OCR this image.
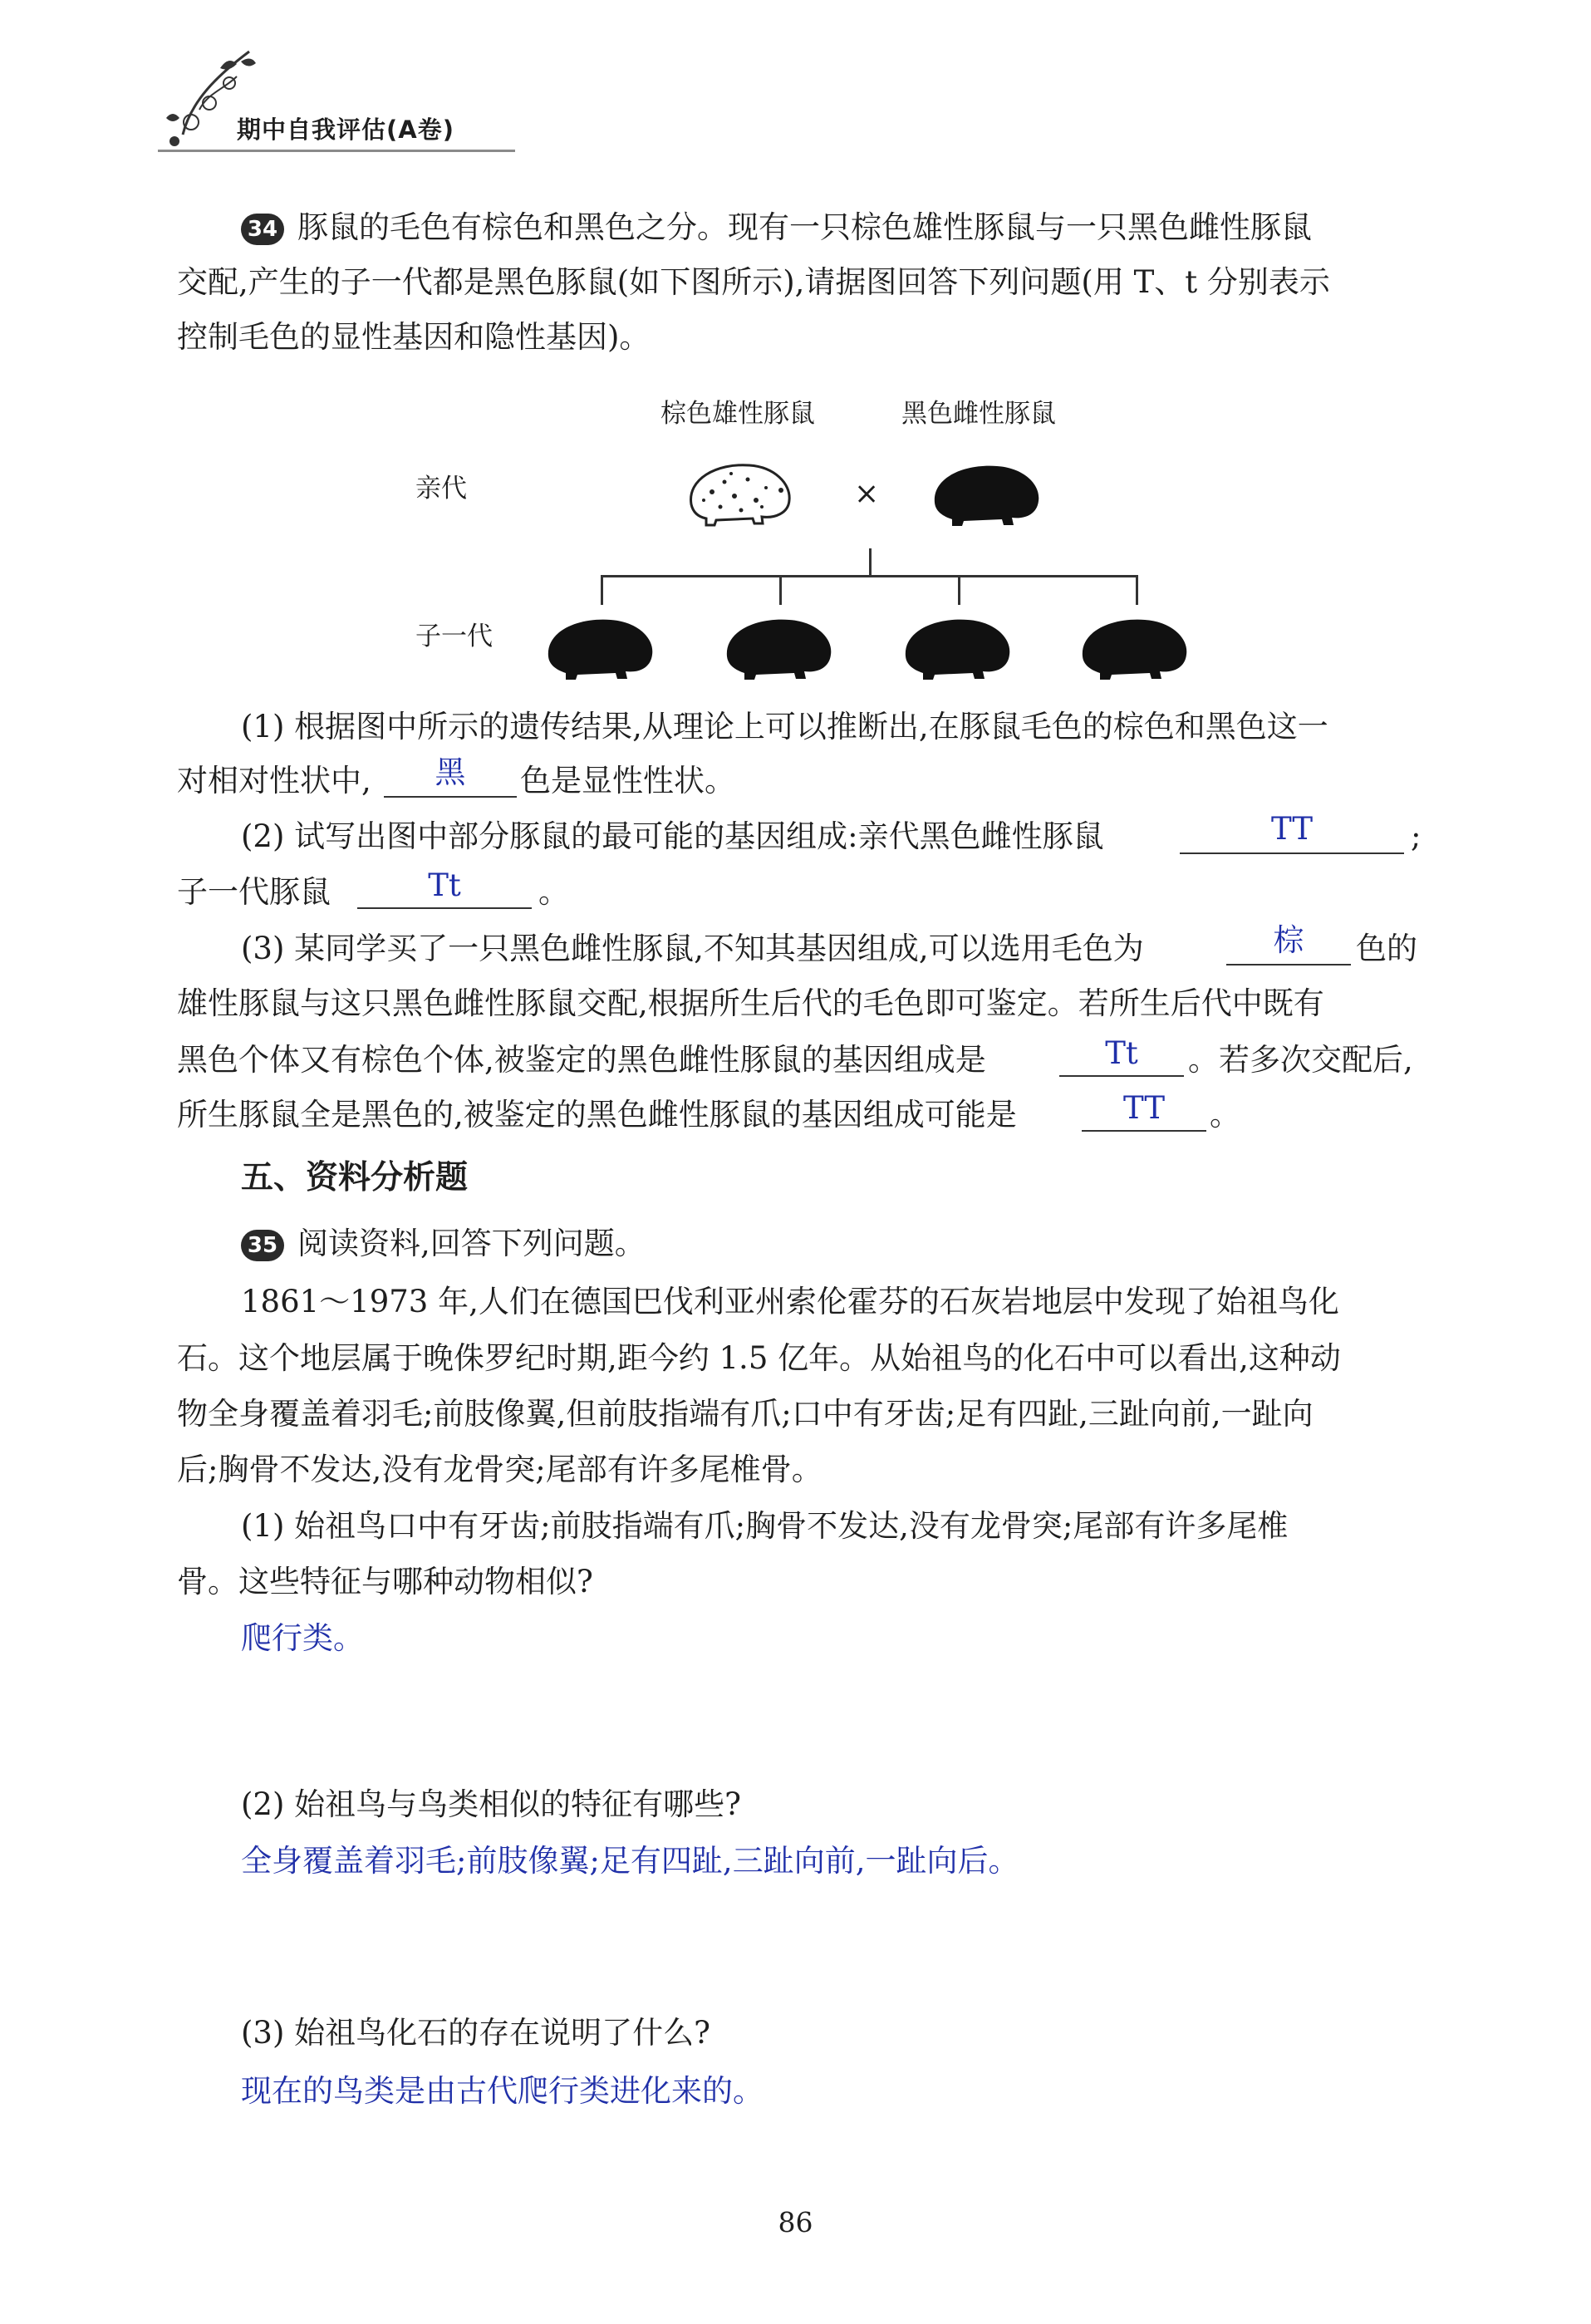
期中自我评估(A卷)
34 豚鼠的毛色有棕色和黑色之分。现有一只棕色雄性豚鼠与一只黑色雌性豚鼠
交配,产生的子一代都是黑色豚鼠(如下图所示),请据图回答下列问题(用 T、t 分别表示
控制毛色的显性基因和隐性基因)。
棕色雄性豚鼠	黑色雌性豚鼠
亲代
子一代
×
(1) 根据图中所示的遗传结果,从理论上可以推断出,在豚鼠毛色的棕色和黑色这一
对相对性状中,	黑	色是显性性状。
(2) 试写出图中部分豚鼠的最可能的基因组成:亲代黑色雌性豚鼠	TT	;
子一代豚鼠	Tt	。
(3) 某同学买了一只黑色雌性豚鼠,不知其基因组成,可以选用毛色为	棕	色的
雄性豚鼠与这只黑色雌性豚鼠交配,根据所生后代的毛色即可鉴定。若所生后代中既有
黑色个体又有棕色个体,被鉴定的黑色雌性豚鼠的基因组成是	Tt	。若多次交配后,
所生豚鼠全是黑色的,被鉴定的黑色雌性豚鼠的基因组成可能是	TT	。
五、资料分析题
35 阅读资料,回答下列问题。
1861～1973 年,人们在德国巴伐利亚州索伦霍芬的石灰岩地层中发现了始祖鸟化
石。这个地层属于晚侏罗纪时期,距今约 1.5 亿年。从始祖鸟的化石中可以看出,这种动
物全身覆盖着羽毛;前肢像翼,但前肢指端有爪;口中有牙齿;足有四趾,三趾向前,一趾向
后;胸骨不发达,没有龙骨突;尾部有许多尾椎骨。
(1) 始祖鸟口中有牙齿;前肢指端有爪;胸骨不发达,没有龙骨突;尾部有许多尾椎
骨。这些特征与哪种动物相似?
爬行类。
(2) 始祖鸟与鸟类相似的特征有哪些?
全身覆盖着羽毛;前肢像翼;足有四趾,三趾向前,一趾向后。
(3) 始祖鸟化石的存在说明了什么?
现在的鸟类是由古代爬行类进化来的。
86
